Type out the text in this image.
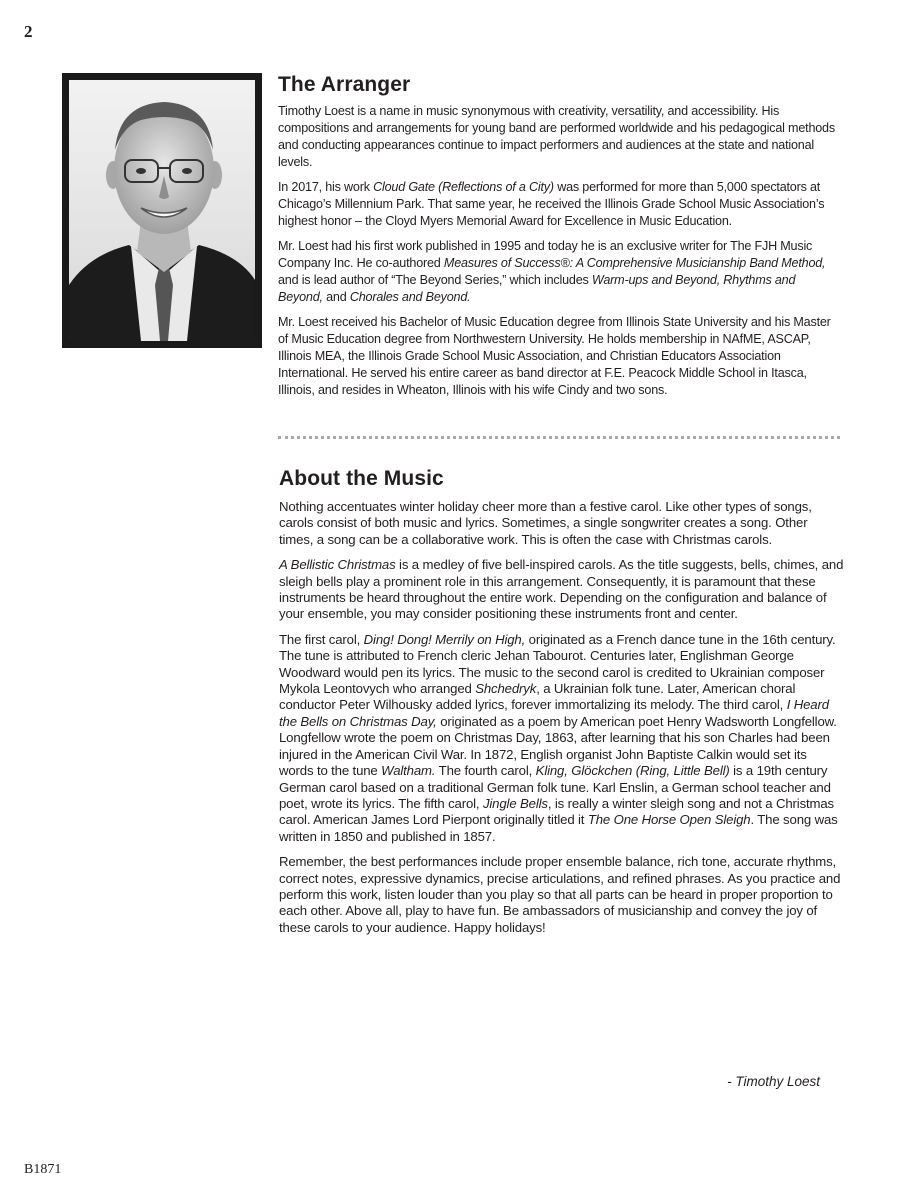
2
The Arranger

Timothy Loest is a name in music synonymous with creativity, versatility, and accessibility. His compositions and arrangements for young band are performed worldwide and his pedagogical methods and conducting appearances continue to impact performers and audiences at the state and national levels.

In 2017, his work Cloud Gate (Reflections of a City) was performed for more than 5,000 spectators at Chicago’s Millennium Park. That same year, he received the Illinois Grade School Music Association’s highest honor – the Cloyd Myers Memorial Award for Excellence in Music Education.

Mr. Loest had his first work published in 1995 and today he is an exclusive writer for The FJH Music Company Inc. He co-authored Measures of Success®: A Comprehensive Musicianship Band Method, and is lead author of “The Beyond Series,” which includes Warm-ups and Beyond, Rhythms and Beyond, and Chorales and Beyond.

Mr. Loest received his Bachelor of Music Education degree from Illinois State University and his Master of Music Education degree from Northwestern University. He holds membership in NAfME, ASCAP, Illinois MEA, the Illinois Grade School Music Association, and Christian Educators Association International. He served his entire career as band director at F.E. Peacock Middle School in Itasca, Illinois, and resides in Wheaton, Illinois with his wife Cindy and two sons.

About the Music

Nothing accentuates winter holiday cheer more than a festive carol. Like other types of songs, carols consist of both music and lyrics. Sometimes, a single songwriter creates a song. Other times, a song can be a collaborative work. This is often the case with Christmas carols.

A Bellistic Christmas is a medley of five bell-inspired carols. As the title suggests, bells, chimes, and sleigh bells play a prominent role in this arrangement. Consequently, it is paramount that these instruments be heard throughout the entire work. Depending on the configuration and balance of your ensemble, you may consider positioning these instruments front and center.

The first carol, Ding! Dong! Merrily on High, originated as a French dance tune in the 16th century. The tune is attributed to French cleric Jehan Tabourot. Centuries later, Englishman George Woodward would pen its lyrics. The music to the second carol is credited to Ukrainian composer Mykola Leontovych who arranged Shchedryk, a Ukrainian folk tune. Later, American choral conductor Peter Wilhousky added lyrics, forever immortalizing its melody. The third carol, I Heard the Bells on Christmas Day, originated as a poem by American poet Henry Wadsworth Longfellow. Longfellow wrote the poem on Christmas Day, 1863, after learning that his son Charles had been injured in the American Civil War. In 1872, English organist John Baptiste Calkin would set its words to the tune Waltham. The fourth carol, Kling, Glöckchen (Ring, Little Bell) is a 19th century German carol based on a traditional German folk tune. Karl Enslin, a German school teacher and poet, wrote its lyrics. The fifth carol, Jingle Bells, is really a winter sleigh song and not a Christmas carol. American James Lord Pierpont originally titled it The One Horse Open Sleigh. The song was written in 1850 and published in 1857.

Remember, the best performances include proper ensemble balance, rich tone, accurate rhythms, correct notes, expressive dynamics, precise articulations, and refined phrases. As you practice and perform this work, listen louder than you play so that all parts can be heard in proper proportion to each other. Above all, play to have fun. Be ambassadors of musicianship and convey the joy of these carols to your audience. Happy holidays!

- Timothy Loest
B1871
